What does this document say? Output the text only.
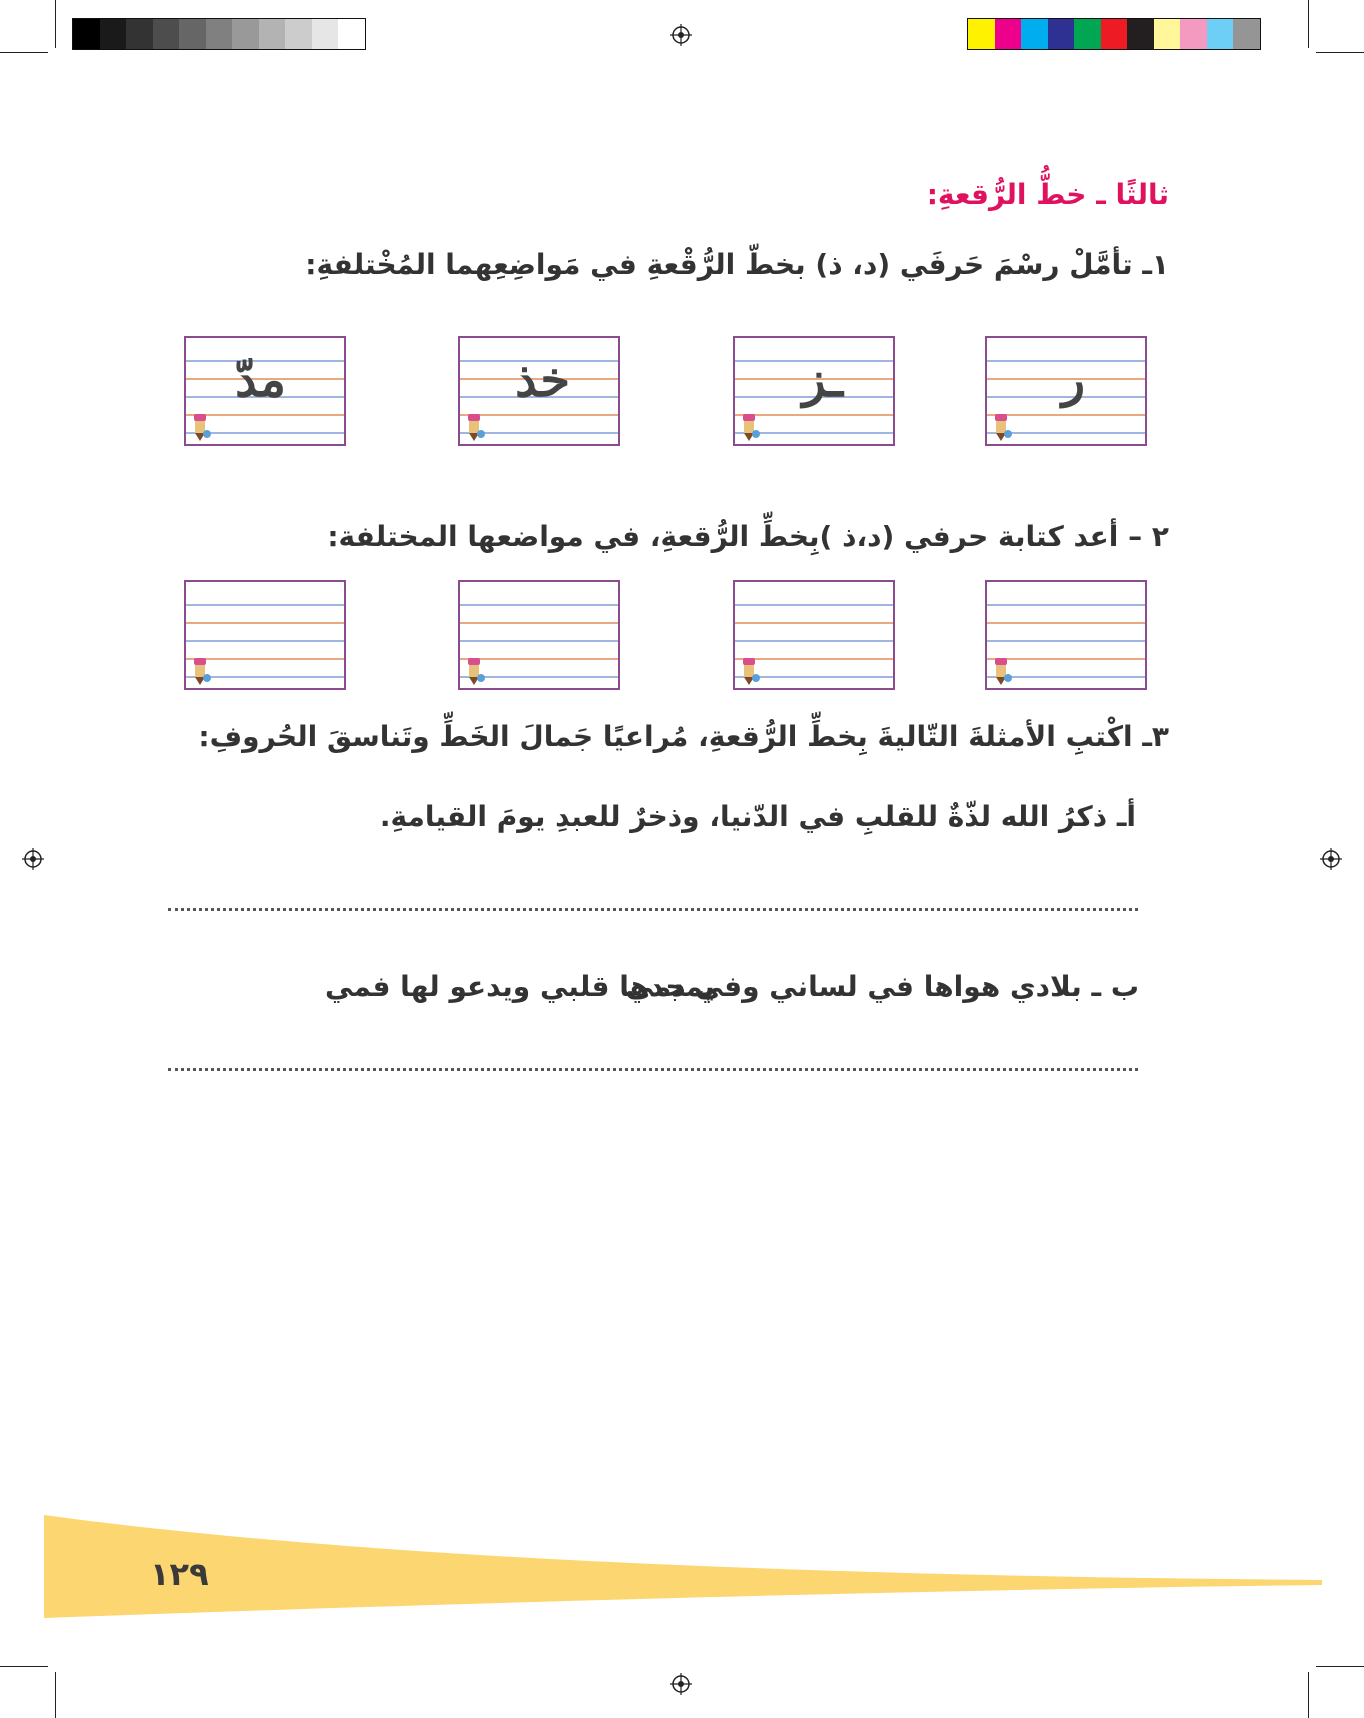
ثالثًا ـ خطُّ الرُّقعةِ:
١ـ تأمَّلْ رسْمَ حَرفَي (د، ذ) بخطّ الرُّقْعةِ في مَواضِعِهما المُخْتلفةِ:
ر
ـز
خذ
مدّ
٢ – أعد كتابة حرفي (د،ذ )بِخطِّ الرُّقعةِ، في مواضعها المختلفة:
٣ـ اكْتبِ الأمثلةَ التّاليةَ بِخطِّ الرُّقعةِ، مُراعيًا جَمالَ الخَطِّ وتَناسقَ الحُروفِ:
أـ ذكرُ الله لذّةٌ للقلبِ في الدّنيا، وذخرٌ للعبدِ يومَ القيامةِ.
ب ـ بلادي هواها في لساني وفي دمي
يمجدها قلبي ويدعو لها فمي
١٢٩
